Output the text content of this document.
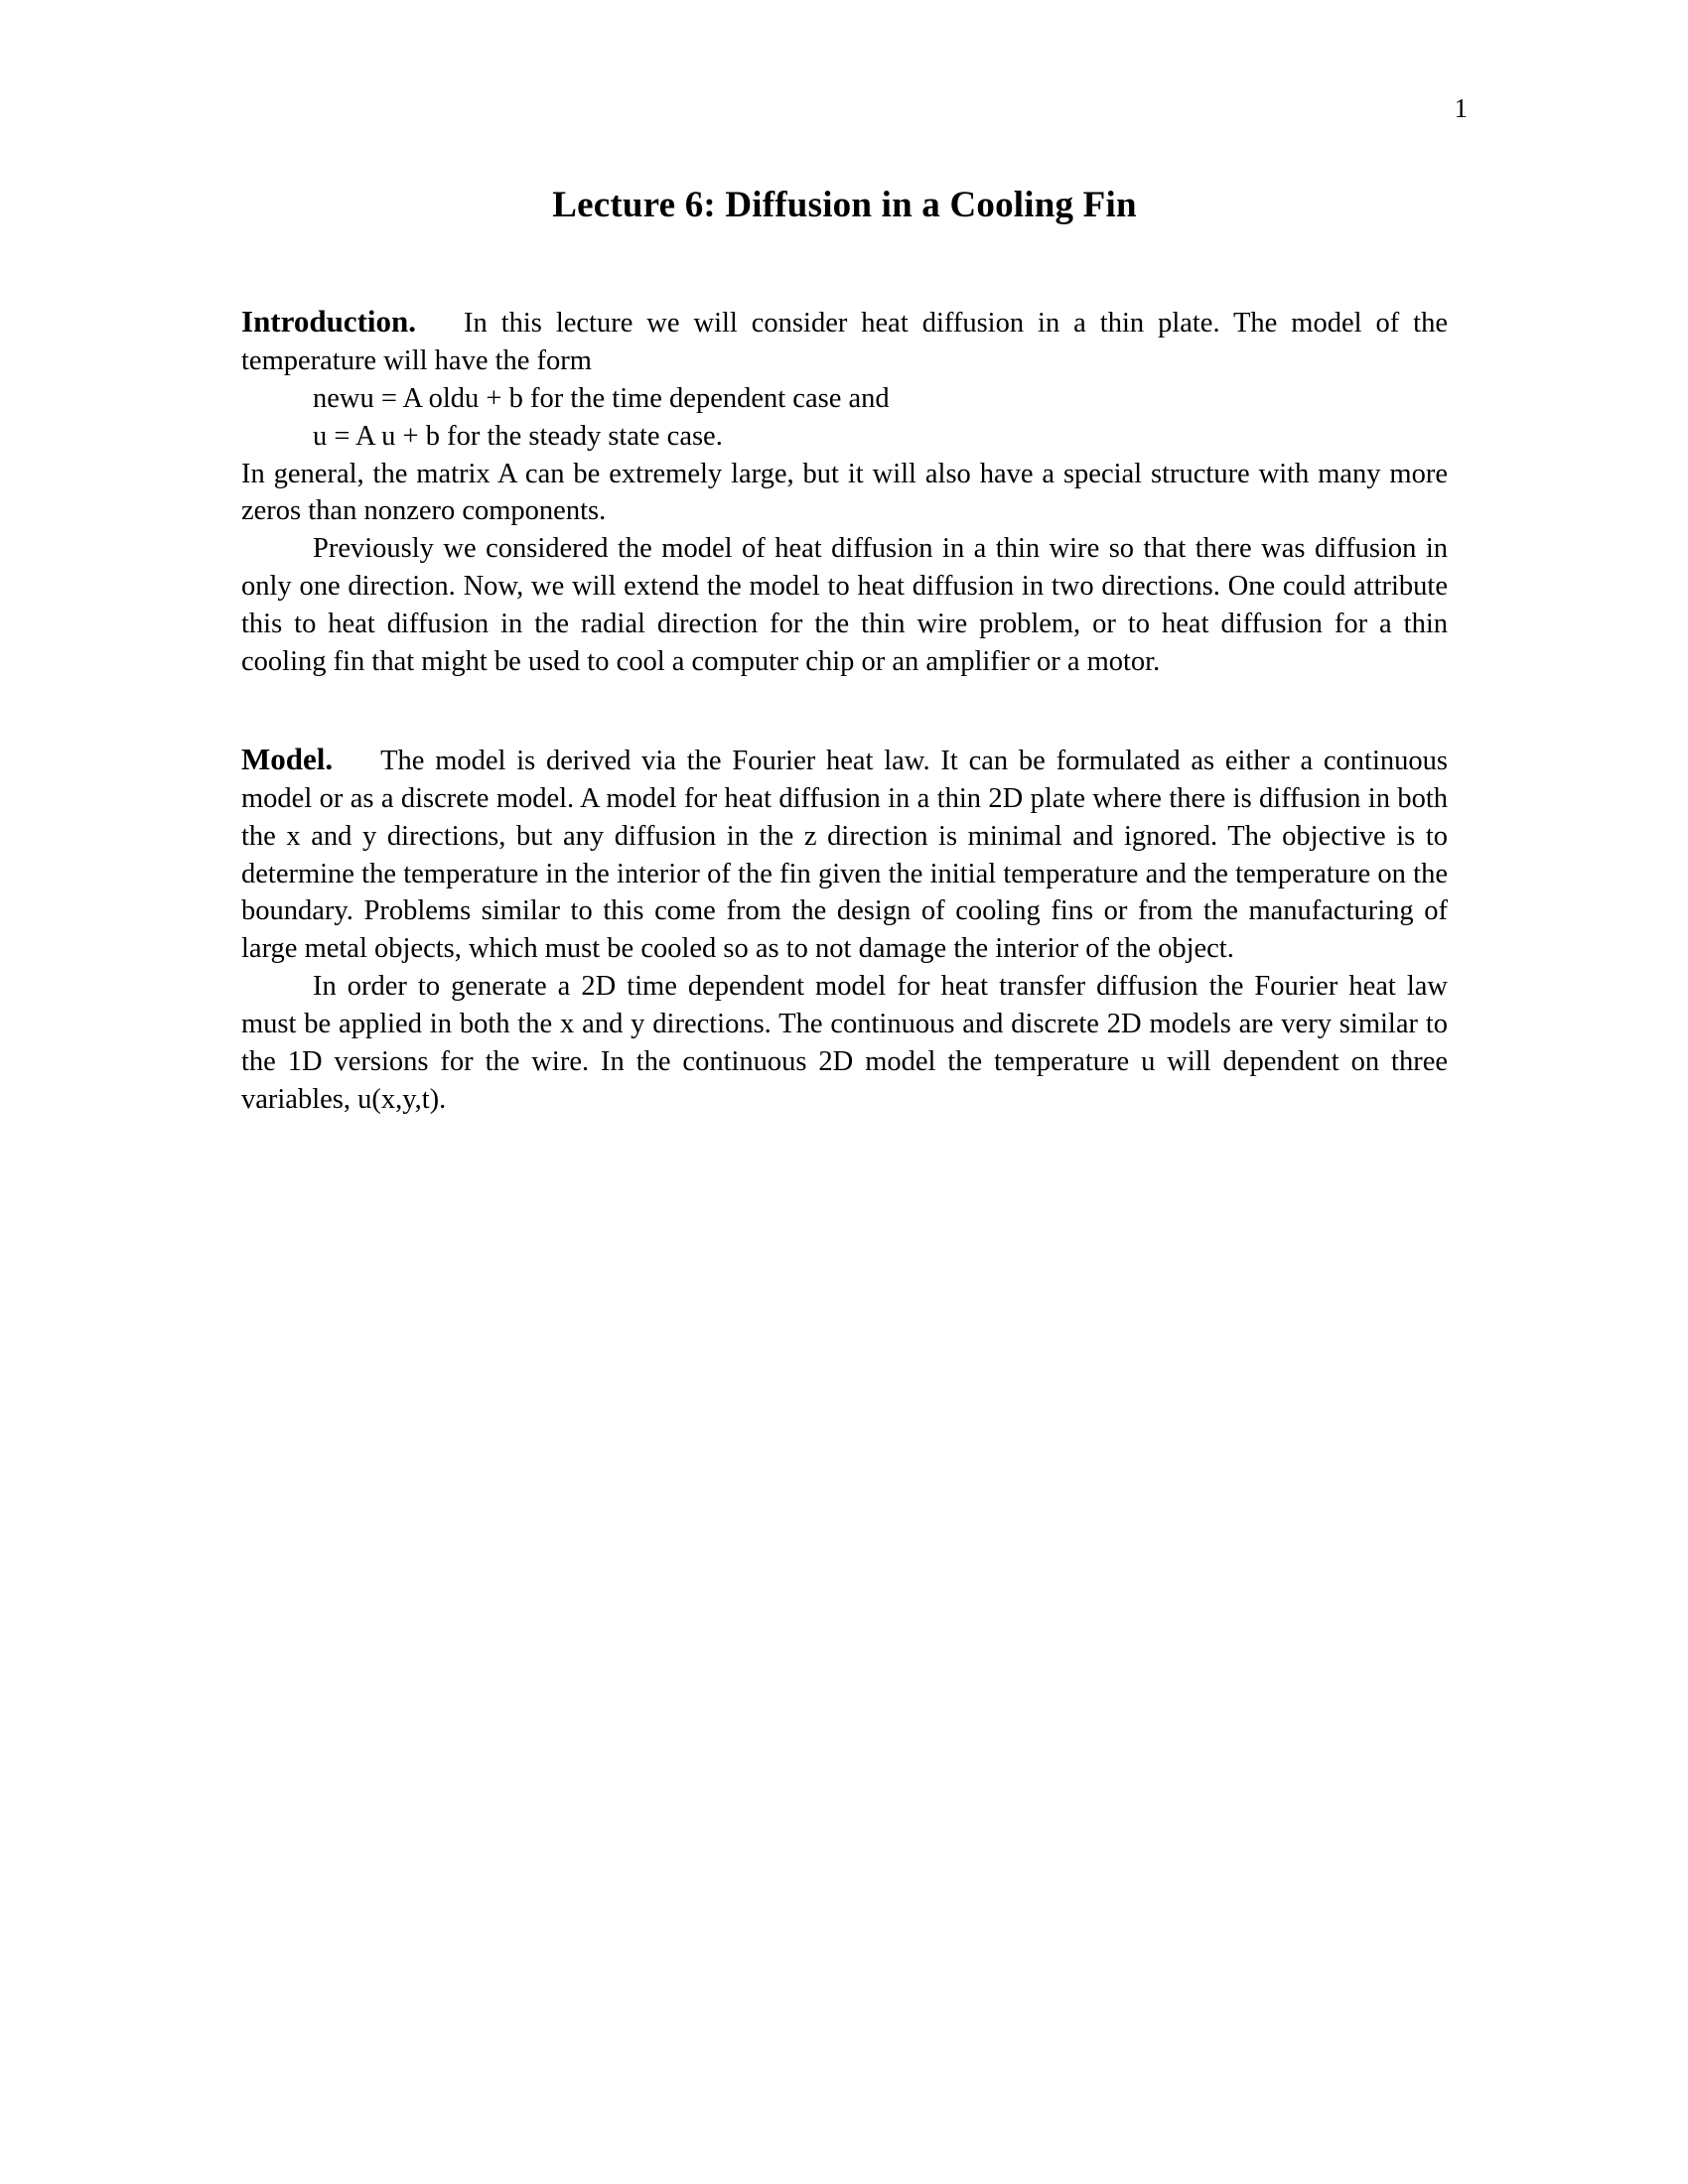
1
Lecture 6: Diffusion in a Cooling Fin

Introduction. In this lecture we will consider heat diffusion in a thin plate. The model of the temperature will have the form

newu = A oldu + b for the time dependent case and

u = A u + b for the steady state case.

In general, the matrix A can be extremely large, but it will also have a special structure with many more zeros than nonzero components.

Previously we considered the model of heat diffusion in a thin wire so that there was diffusion in only one direction. Now, we will extend the model to heat diffusion in two directions. One could attribute this to heat diffusion in the radial direction for the thin wire problem, or to heat diffusion for a thin cooling fin that might be used to cool a computer chip or an amplifier or a motor.

Model. The model is derived via the Fourier heat law. It can be formulated as either a continuous model or as a discrete model. A model for heat diffusion in a thin 2D plate where there is diffusion in both the x and y directions, but any diffusion in the z direction is minimal and ignored. The objective is to determine the temperature in the interior of the fin given the initial temperature and the temperature on the boundary. Problems similar to this come from the design of cooling fins or from the manufacturing of large metal objects, which must be cooled so as to not damage the interior of the object.

In order to generate a 2D time dependent model for heat transfer diffusion the Fourier heat law must be applied in both the x and y directions. The continuous and discrete 2D models are very similar to the 1D versions for the wire. In the continuous 2D model the temperature u will dependent on three variables, u(x,y,t).
